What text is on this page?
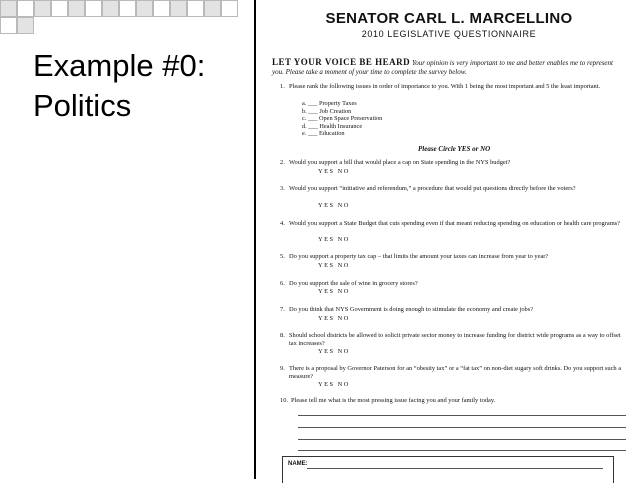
Example #0: Politics
SENATOR CARL L. MARCELLINO
2010 LEGISLATIVE QUESTIONNAIRE
LET YOUR VOICE BE HEARD Your opinion is very important to me and better enables me to represent you. Please take a moment of your time to complete the survey below.
1. Please rank the following issues in order of importance to you. With 1 being the most important and 5 the least important.
a. ___ Property Taxes
b. ___ Job Creation
c. ___ Open Space Preservation
d. ___ Health Insurance
e. ___ Education
Please Circle YES or NO
2. Would you support a bill that would place a cap on State spending in the NYS budget?
YES NO
3. Would you support “initiative and referendum,” a procedure that would put questions directly before the voters?
YES NO
4. Would you support a State Budget that cuts spending even if that meant reducing spending on education or health care programs?
YES NO
5. Do you support a property tax cap – that limits the amount your taxes can increase from year to year?
YES NO
6. Do you support the sale of wine in grocery stores?
YES NO
7. Do you think that NYS Government is doing enough to stimulate the economy and create jobs?
YES NO
8. Should school districts be allowed to solicit private sector money to increase funding for district wide programs as a way to offset tax increases?
YES NO
9. There is a proposal by Governor Paterson for an “obesity tax” or a “fat tax” on non-diet sugary soft drinks. Do you support such a measure?
YES NO
10. Please tell me what is the most pressing issue facing you and your family today.
NAME:
